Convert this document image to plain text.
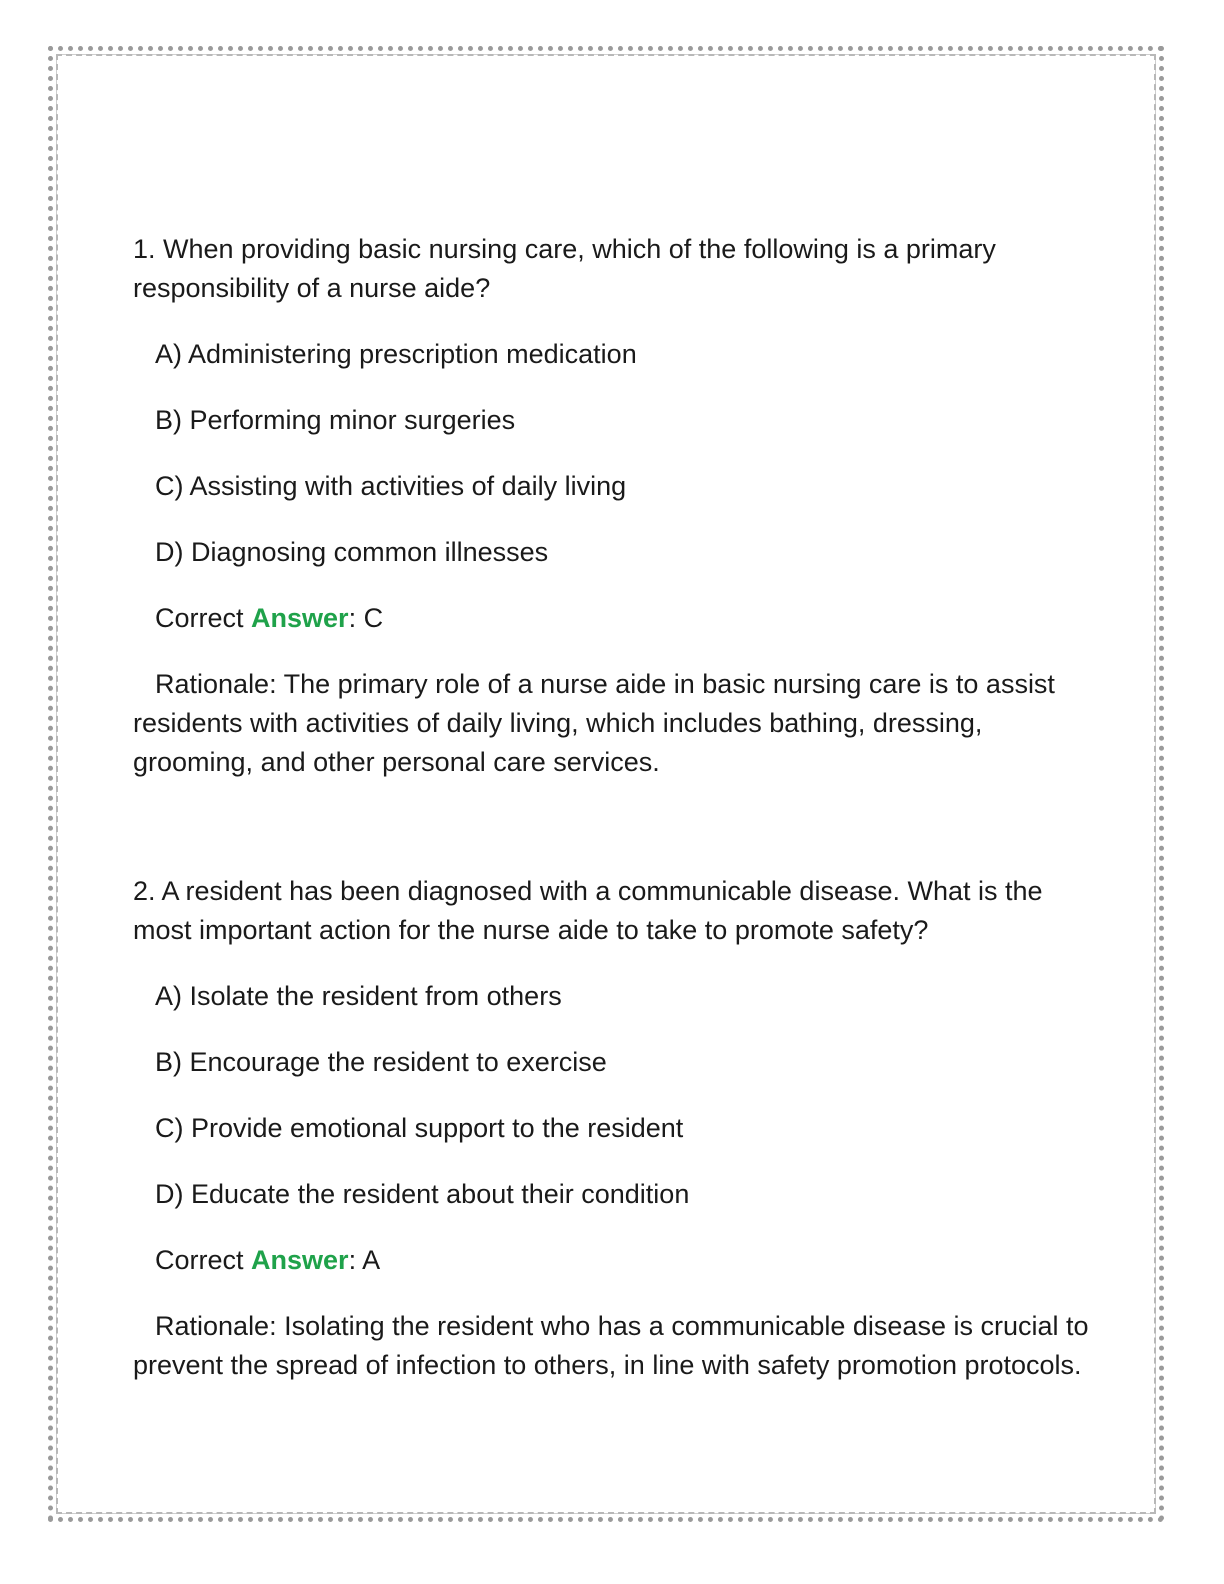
1. When providing basic nursing care, which of the following is a primary responsibility of a nurse aide?

A) Administering prescription medication

B) Performing minor surgeries

C) Assisting with activities of daily living

D) Diagnosing common illnesses

Correct Answer: C

Rationale: The primary role of a nurse aide in basic nursing care is to assist residents with activities of daily living, which includes bathing, dressing, grooming, and other personal care services.

2. A resident has been diagnosed with a communicable disease. What is the most important action for the nurse aide to take to promote safety?

A) Isolate the resident from others

B) Encourage the resident to exercise

C) Provide emotional support to the resident

D) Educate the resident about their condition

Correct Answer: A

Rationale: Isolating the resident who has a communicable disease is crucial to prevent the spread of infection to others, in line with safety promotion protocols.
